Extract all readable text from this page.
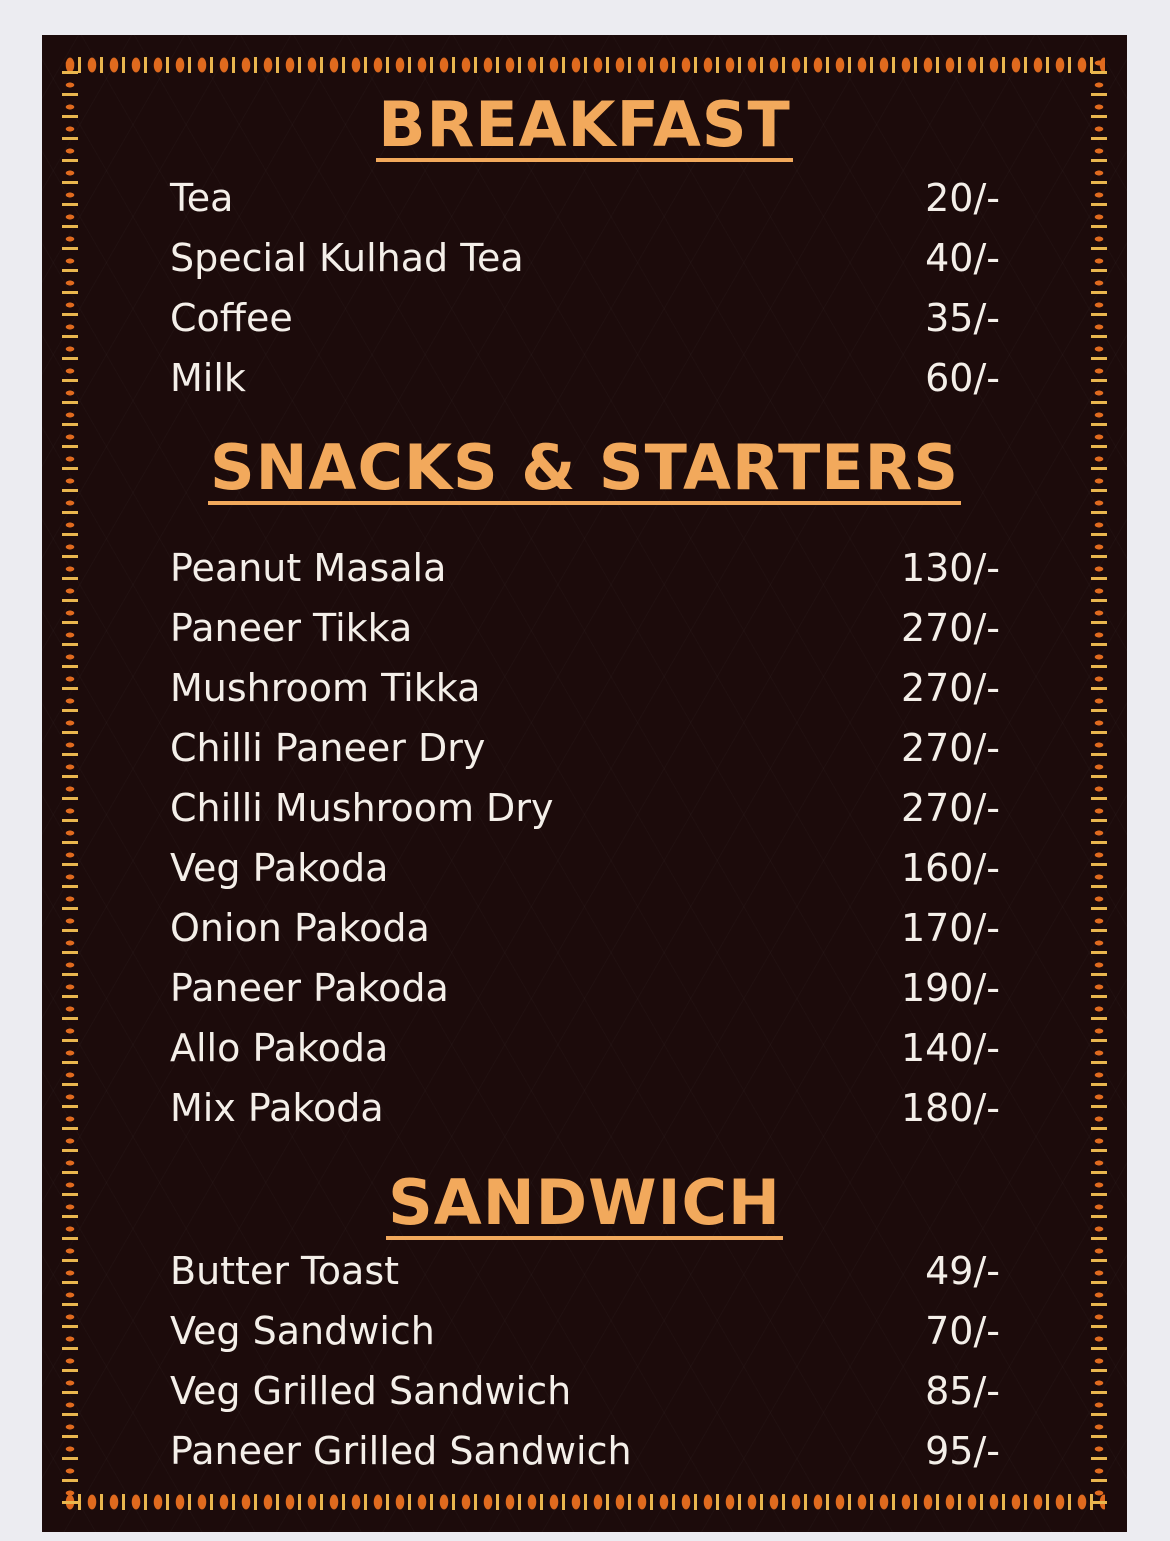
BREAKFAST
Tea	20/-
Special Kulhad Tea	40/-
Coffee	35/-
Milk	60/-
SNACKS & STARTERS
Peanut Masala	130/-
Paneer Tikka	270/-
Mushroom Tikka	270/-
Chilli Paneer Dry	270/-
Chilli Mushroom Dry	270/-
Veg Pakoda	160/-
Onion Pakoda	170/-
Paneer Pakoda	190/-
Allo Pakoda	140/-
Mix Pakoda	180/-
SANDWICH
Butter Toast	49/-
Veg Sandwich	70/-
Veg Grilled Sandwich	85/-
Paneer Grilled Sandwich	95/-
